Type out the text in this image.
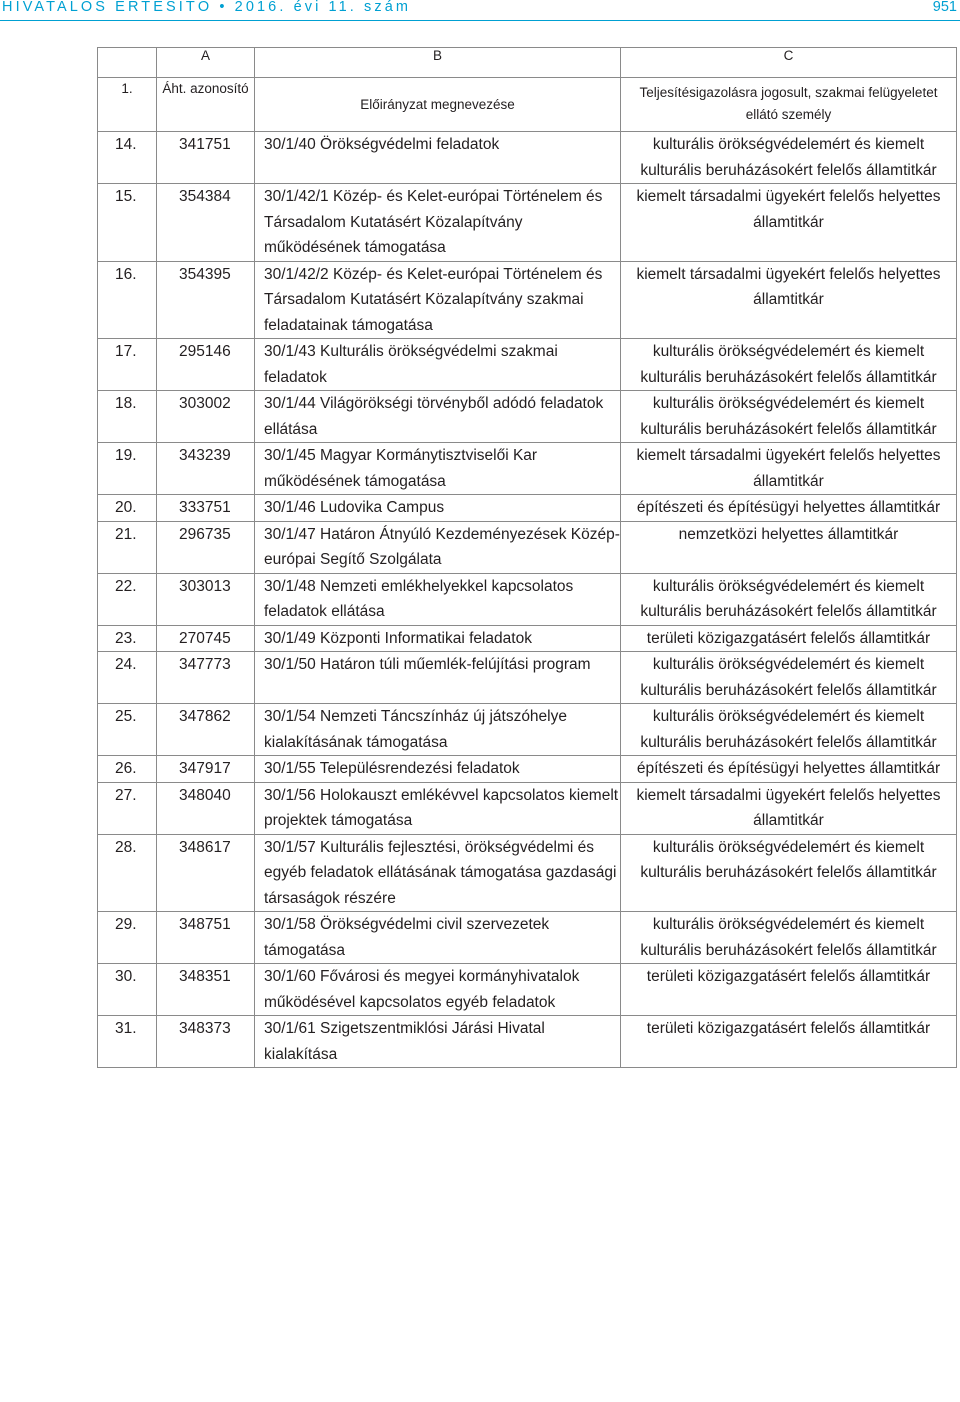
HIVATALOS ÉRTESÍTŐ • 2016. évi 11. szám	951
	A	B	C
1.	Áht. azonosító	Előirányzat megnevezése	Teljesítésigazolásra jogosult, szakmai felügyeletet ellátó személy
14.	341751	30/1/40 Örökségvédelmi feladatok	kulturális örökségvédelemért és kiemelt kulturális beruházásokért felelős államtitkár
15.	354384	30/1/42/1 Közép- és Kelet-európai Történelem és Társadalom Kutatásért Közalapítvány működésének támogatása	kiemelt társadalmi ügyekért felelős helyettes államtitkár
16.	354395	30/1/42/2 Közép- és Kelet-európai Történelem és Társadalom Kutatásért Közalapítvány szakmai feladatainak támogatása	kiemelt társadalmi ügyekért felelős helyettes államtitkár
17.	295146	30/1/43 Kulturális örökségvédelmi szakmai feladatok	kulturális örökségvédelemért és kiemelt kulturális beruházásokért felelős államtitkár
18.	303002	30/1/44 Világörökségi törvényből adódó feladatok ellátása	kulturális örökségvédelemért és kiemelt kulturális beruházásokért felelős államtitkár
19.	343239	30/1/45 Magyar Kormánytisztviselői Kar működésének támogatása	kiemelt társadalmi ügyekért felelős helyettes államtitkár
20.	333751	30/1/46 Ludovika Campus	építészeti és építésügyi helyettes államtitkár
21.	296735	30/1/47 Határon Átnyúló Kezdeményezések Közép-európai Segítő Szolgálata	nemzetközi helyettes államtitkár
22.	303013	30/1/48 Nemzeti emlékhelyekkel kapcsolatos feladatok ellátása	kulturális örökségvédelemért és kiemelt kulturális beruházásokért felelős államtitkár
23.	270745	30/1/49 Központi Informatikai feladatok	területi közigazgatásért felelős államtitkár
24.	347773	30/1/50 Határon túli műemlék-felújítási program	kulturális örökségvédelemért és kiemelt kulturális beruházásokért felelős államtitkár
25.	347862	30/1/54 Nemzeti Táncszínház új játszóhelye kialakításának támogatása	kulturális örökségvédelemért és kiemelt kulturális beruházásokért felelős államtitkár
26.	347917	30/1/55 Településrendezési feladatok	építészeti és építésügyi helyettes államtitkár
27.	348040	30/1/56 Holokauszt emlékévvel kapcsolatos kiemelt projektek támogatása	kiemelt társadalmi ügyekért felelős helyettes államtitkár
28.	348617	30/1/57 Kulturális fejlesztési, örökségvédelmi és egyéb feladatok ellátásának támogatása gazdasági társaságok részére	kulturális örökségvédelemért és kiemelt kulturális beruházásokért felelős államtitkár
29.	348751	30/1/58 Örökségvédelmi civil szervezetek támogatása	kulturális örökségvédelemért és kiemelt kulturális beruházásokért felelős államtitkár
30.	348351	30/1/60 Fővárosi és megyei kormányhivatalok működésével kapcsolatos egyéb feladatok	területi közigazgatásért felelős államtitkár
31.	348373	30/1/61 Szigetszentmiklósi Járási Hivatal kialakítása	területi közigazgatásért felelős államtitkár
